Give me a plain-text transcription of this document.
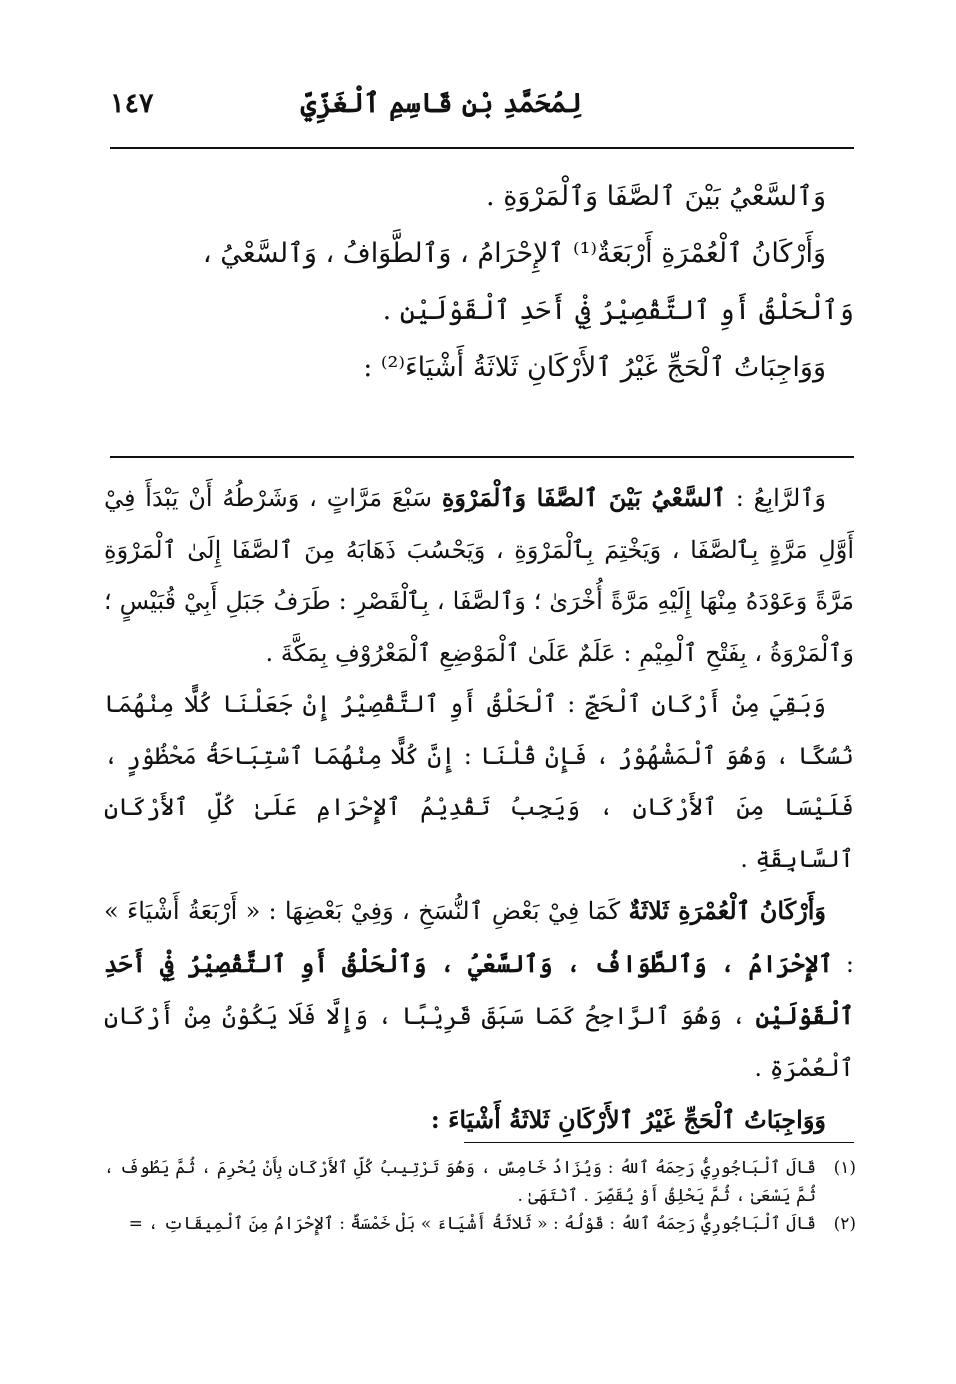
لِمُحَمَّدِ بْنِ قَاسِمِ ٱلْغَزِّيِّ
١٤٧

وَٱلسَّعْيُ بَيْنَ ٱلصَّفَا وَٱلْمَرْوَةِ .

وَأَرْكَانُ ٱلْعُمْرَةِ أَرْبَعَةٌ⁽¹⁾ ٱلإِحْرَامُ ، وَٱلطَّوَافُ ، وَٱلسَّعْيُ ،

وَٱلْحَلْقُ أَوِ ٱلتَّقْصِيْرُ فِيْ أَحَدِ ٱلْقَوْلَيْنِ .

وَوَاجِبَاتُ ٱلْحَجِّ غَيْرُ ٱلأَرْكَانِ ثَلاثَةُ أَشْيَاءَ⁽²⁾ :

وَٱلرَّابِعُ : ٱلسَّعْيُ بَيْنَ ٱلصَّفَا وَٱلْمَرْوَةِ سَبْعَ مَرَّاتٍ ، وَشَرْطُهُ أَنْ يَبْدَأَ فِيْ أَوَّلِ مَرَّةٍ بِٱلصَّفَا ، وَيَخْتِمَ بِٱلْمَرْوَةِ ، وَيَحْسُبَ ذَهَابَهُ مِنَ ٱلصَّفَا إِلَىٰ ٱلْمَرْوَةِ مَرَّةً وَعَوْدَهُ مِنْهَا إِلَيْهِ مَرَّةً أُخْرَىٰ ؛ وَٱلصَّفَا ، بِٱلْقَصْرِ : طَرَفُ جَبَلِ أَبِيْ قُبَيْسٍ ؛ وَٱلْمَرْوَةُ ، بِفَتْحِ ٱلْمِيْمِ : عَلَمٌ عَلَىٰ ٱلْمَوْضِعِ ٱلْمَعْرُوْفِ بِمَكَّةَ .

وَبَقِيَ مِنْ أَرْكَانِ ٱلْحَجِّ : ٱلْحَلْقُ أَوِ ٱلتَّقْصِيْرُ إِنْ جَعَلْنَا كُلًّا مِنْهُمَا نُسُكًا ، وَهُوَ ٱلْمَشْهُوْرُ ، فَإِنْ قُلْنَا : إِنَّ كُلًّا مِنْهُمَا ٱسْتِبَاحَةُ مَحْظُوْرٍ ، فَلَيْسَا مِنَ ٱلأَرْكَانِ ، وَيَجِبُ تَقْدِيْمُ ٱلإِحْرَامِ عَلَىٰ كُلِّ ٱلأَرْكَانِ ٱلسَّابِقَةِ .

وَأَرْكَانُ ٱلْعُمْرَةِ ثَلاثَةٌ كَمَا فِيْ بَعْضِ ٱلنُّسَخِ ، وَفِيْ بَعْضِهَا : « أَرْبَعَةُ أَشْيَاءَ » : ٱلإِحْرَامُ ، وَٱلطَّوَافُ ، وَٱلسَّعْيُ ، وَٱلْحَلْقُ أَوِ ٱلتَّقْصِيْرُ فِيْ أَحَدِ ٱلْقَوْلَيْنِ ، وَهُوَ ٱلرَّاجِحُ كَمَا سَبَقَ قَرِيْبًا ، وَإِلَّا فَلَا يَكُوْنُ مِنْ أَرْكَانِ ٱلْعُمْرَةِ .

وَوَاجِبَاتُ ٱلْحَجِّ غَيْرُ ٱلأَرْكَانِ ثَلاثَةُ أَشْيَاءَ :

(١)
قَالَ ٱلْبَاجُورِيُّ رَحِمَهُ ٱللهُ : وَيُزَادُ خَامِسٌ ، وَهُوَ تَرْتِيبُ كُلِّ ٱلأَرْكَانِ بِأَنْ يُحْرِمَ ، ثُمَّ يَطُوفَ ، ثُمَّ يَسْعَىٰ ، ثُمَّ يَحْلِقُ أَوْ يُقَصِّرَ . ٱنْتَهَىٰ .
(٢)
قَالَ ٱلْبَاجُورِيُّ رَحِمَهُ ٱللهُ : قَوْلُهُ : « ثَلاثَةُ أَشْيَاءَ » بَلْ خَمْسَةٌ : ٱلإِحْرَامُ مِنَ ٱلْمِيقَاتِ ، =
